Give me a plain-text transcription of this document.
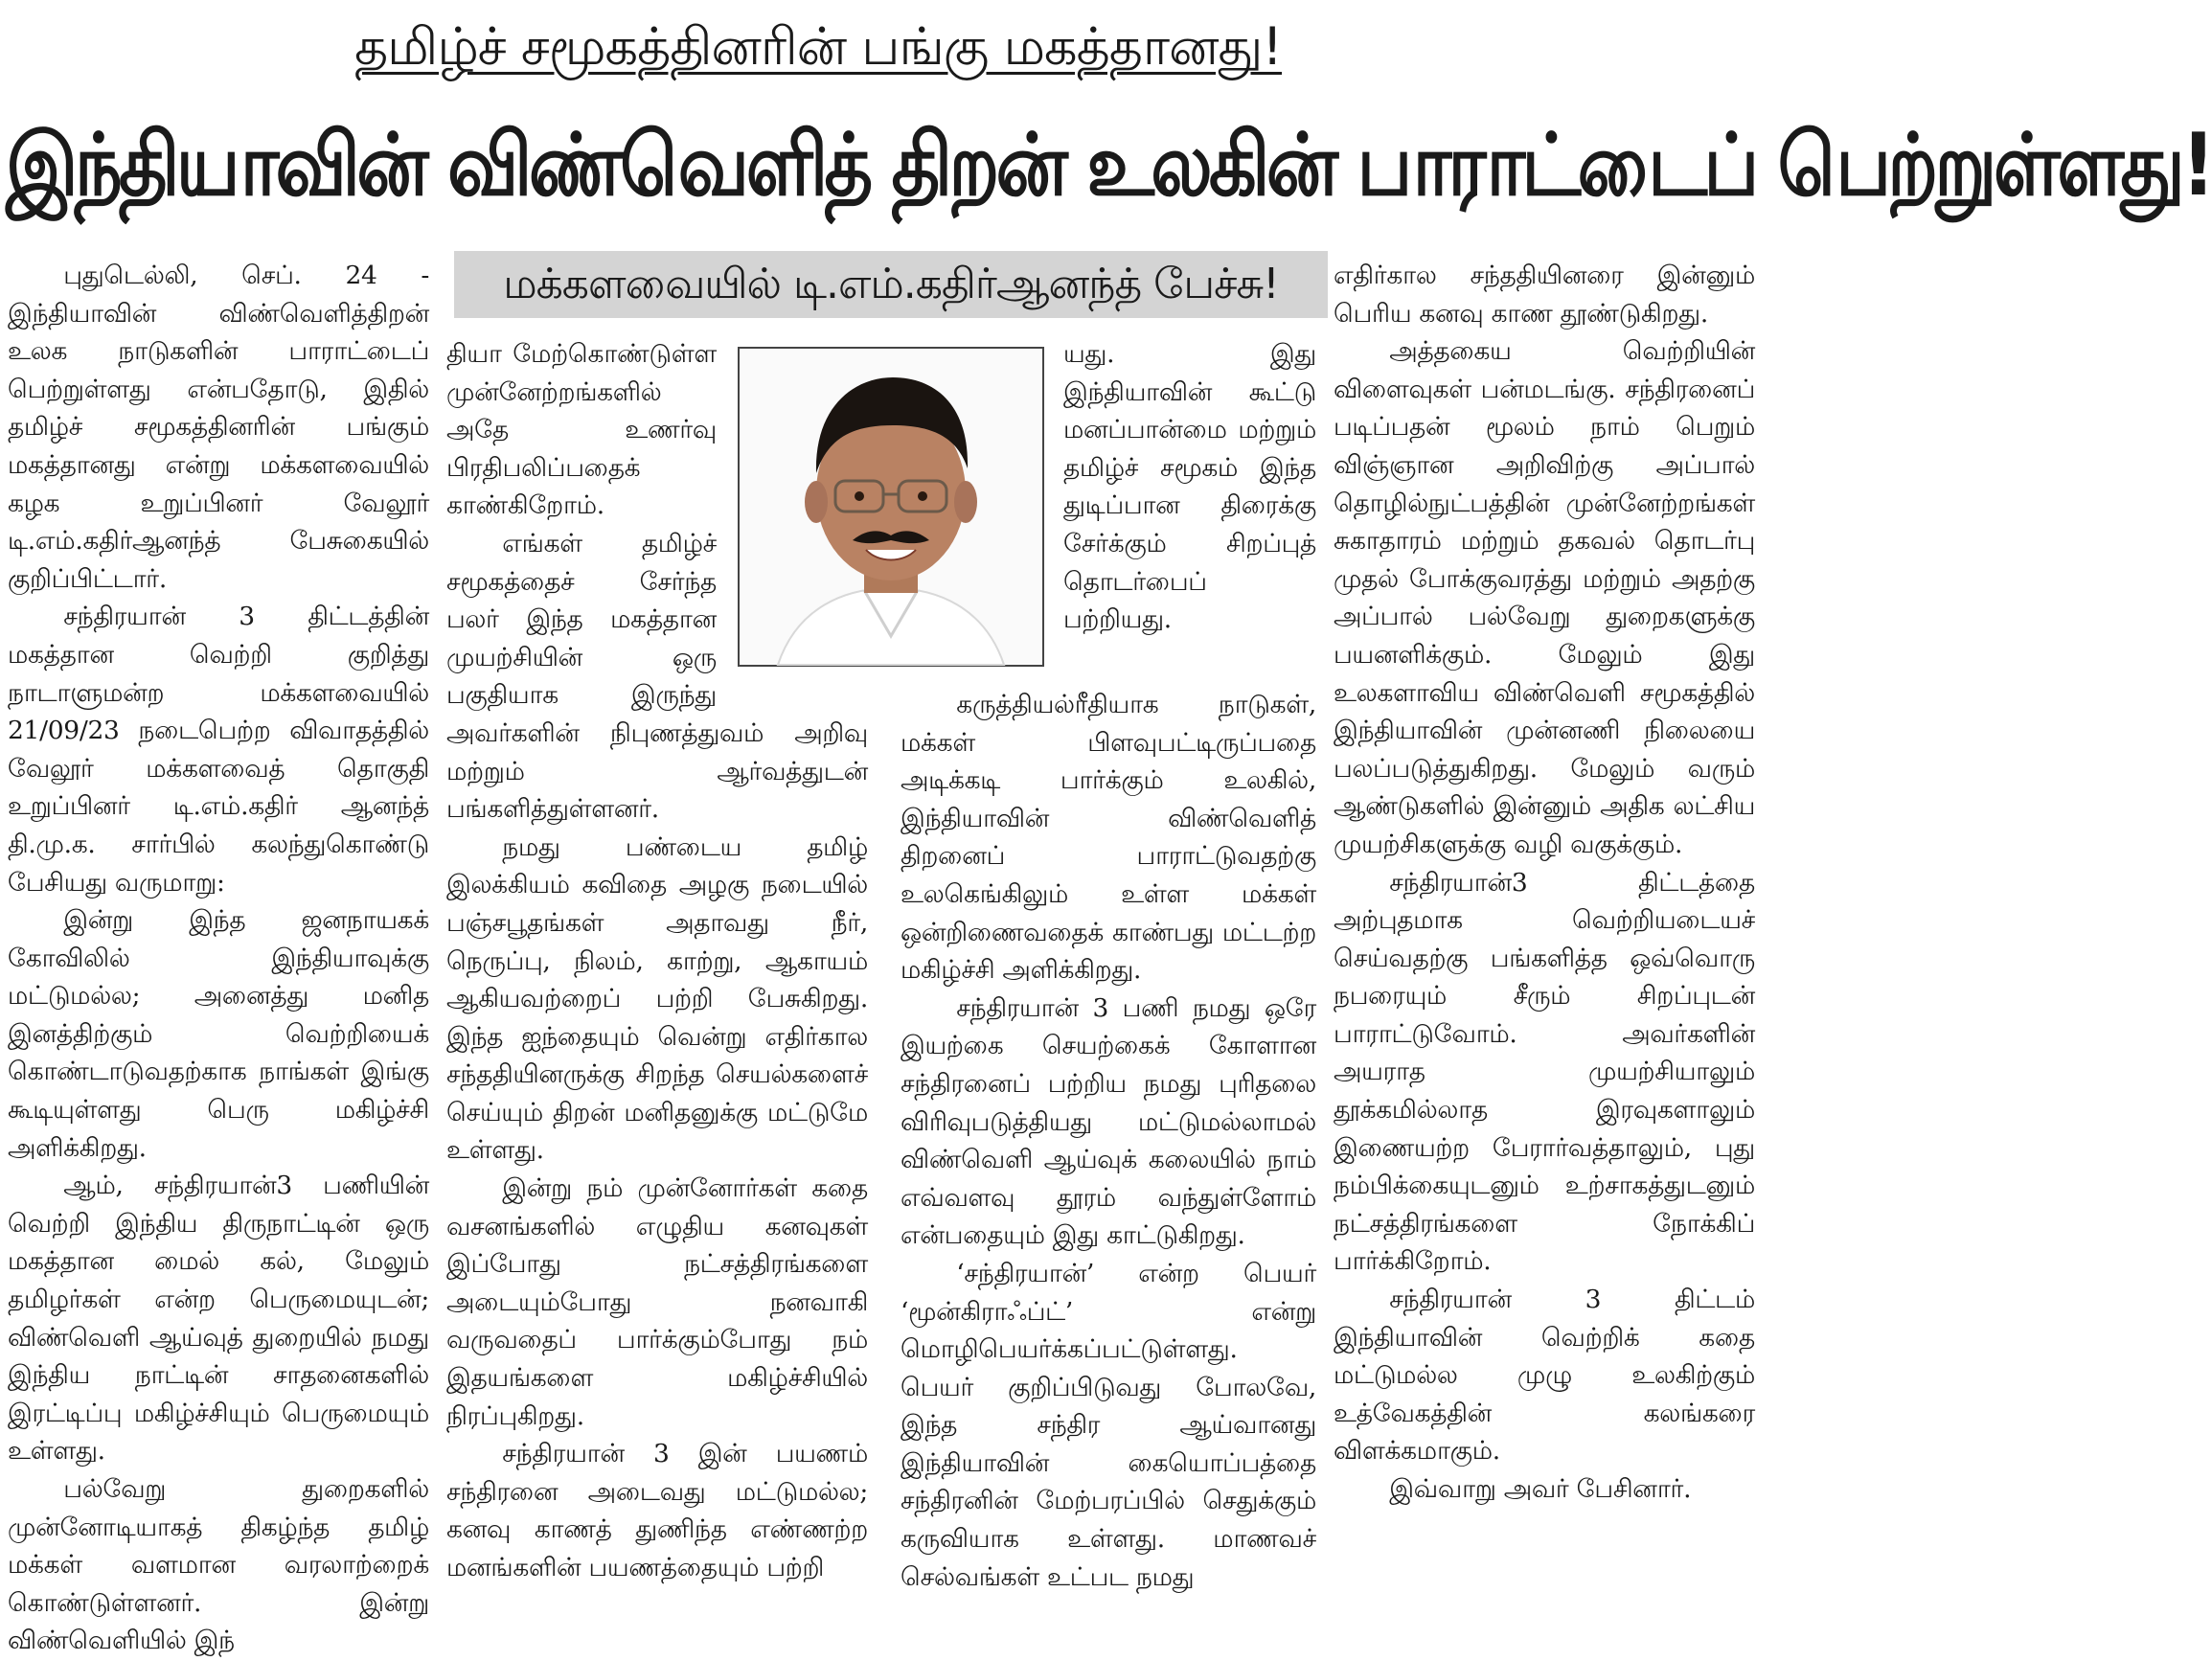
தமிழ்ச் சமூகத்தினரின் பங்கு மகத்தானது!
இந்தியாவின் விண்வெளித் திறன் உலகின் பாராட்டைப் பெற்றுள்ளது!
மக்களவையில் டி.எம்.கதிர்ஆனந்த் பேச்சு!

புதுடெல்லி, செப். 24 - இந்தியாவின் விண்வெளித்திறன் உலக நாடுகளின் பாராட்டைப் பெற்றுள்ளது என்பதோடு, இதில் தமிழ்ச் சமூகத்தினரின் பங்கும் மகத்தானது என்று மக்களவையில் கழக உறுப்பினர் வேலூர் டி.எம்.கதிர்ஆனந்த் பேசுகையில் குறிப்பிட்டார்.

சந்திரயான் 3 திட்டத்தின் மகத்தான வெற்றி குறித்து நாடாளுமன்ற மக்களவையில் 21/09/23 நடைபெற்ற விவாதத்தில் வேலூர் மக்களவைத் தொகுதி உறுப்பினர் டி.எம்.கதிர் ஆனந்த் தி.மு.க. சார்பில் கலந்துகொண்டு பேசியது வருமாறு:

இன்று இந்த ஜனநாயகக் கோவிலில் இந்தியாவுக்கு மட்டுமல்ல; அனைத்து மனித இனத்திற்கும் வெற்றியைக் கொண்டாடுவதற்காக நாங்கள் இங்கு கூடியுள்ளது பெரு மகிழ்ச்சி அளிக்கிறது.

ஆம், சந்திரயான்3 பணியின் வெற்றி இந்திய திருநாட்டின் ஒரு மகத்தான மைல் கல், மேலும் தமிழர்கள் என்ற பெருமையுடன்; விண்வெளி ஆய்வுத் துறையில் நமது இந்திய நாட்டின் சாதனைகளில் இரட்டிப்பு மகிழ்ச்சியும் பெருமையும் உள்ளது.

பல்வேறு துறைகளில் முன்னோடியாகத் திகழ்ந்த தமிழ் மக்கள் வளமான வரலாற்றைக் கொண்டுள்ளனர். இன்று விண்வெளியில் இந்

தியா மேற்கொண்டுள்ள முன்னேற்றங்களில் அதே உணர்வு பிரதிபலிப்பதைக் காண்கிறோம்.

எங்கள் தமிழ்ச் சமூகத்தைச் சேர்ந்த பலர் இந்த மகத்தான முயற்சியின் ஒரு பகுதியாக இருந்து அவர்களின் நிபுணத்துவம் அறிவு மற்றும் ஆர்வத்துடன் பங்களித்துள்ளனர்.

நமது பண்டைய தமிழ் இலக்கியம் கவிதை அழகு நடையில் பஞ்சபூதங்கள் அதாவது நீர், நெருப்பு, நிலம், காற்று, ஆகாயம் ஆகியவற்றைப் பற்றி பேசுகிறது. இந்த ஐந்தையும் வென்று எதிர்கால சந்ததியினருக்கு சிறந்த செயல்களைச் செய்யும் திறன் மனிதனுக்கு மட்டுமே உள்ளது.

இன்று நம் முன்னோர்கள் கதை வசனங்களில் எழுதிய கனவுகள் இப்போது நட்சத்திரங்களை அடையும்போது நனவாகி வருவதைப் பார்க்கும்போது நம் இதயங்களை மகிழ்ச்சியில் நிரப்புகிறது.

சந்திரயான் 3 இன் பயணம் சந்திரனை அடைவது மட்டுமல்ல; கனவு காணத் துணிந்த எண்ணற்ற மனங்களின் பயணத்தையும் பற்றி

யது. இது இந்தியாவின் கூட்டு மனப்பான்மை மற்றும் தமிழ்ச் சமூகம் இந்த துடிப்பான திரைக்கு சேர்க்கும் சிறப்புத் தொடர்பைப் பற்றியது.

கருத்தியல்ரீதியாக நாடுகள், மக்கள் பிளவுபட்டிருப்பதை அடிக்கடி பார்க்கும் உலகில், இந்தியாவின் விண்வெளித் திறனைப் பாராட்டுவதற்கு உலகெங்கிலும் உள்ள மக்கள் ஒன்றிணைவதைக் காண்பது மட்டற்ற மகிழ்ச்சி அளிக்கிறது.

சந்திரயான் 3 பணி நமது ஒரே இயற்கை செயற்கைக் கோளான சந்திரனைப் பற்றிய நமது புரிதலை விரிவுபடுத்தியது மட்டுமல்லாமல் விண்வெளி ஆய்வுக் கலையில் நாம் எவ்வளவு தூரம் வந்துள்ளோம் என்பதையும் இது காட்டுகிறது.

‘சந்திரயான்’ என்ற பெயர் ‘மூன்கிராஃப்ட்’ என்று மொழிபெயர்க்கப்பட்டுள்ளது. பெயர் குறிப்பிடுவது போலவே, இந்த சந்திர ஆய்வானது இந்தியாவின் கையொப்பத்தை சந்திரனின் மேற்பரப்பில் செதுக்கும் கருவியாக உள்ளது. மாணவச் செல்வங்கள் உட்பட நமது

எதிர்கால சந்ததியினரை இன்னும் பெரிய கனவு காண தூண்டுகிறது.

அத்தகைய வெற்றியின் விளைவுகள் பன்மடங்கு. சந்திரனைப் படிப்பதன் மூலம் நாம் பெறும் விஞ்ஞான அறிவிற்கு அப்பால் தொழில்நுட்பத்தின் முன்னேற்றங்கள் சுகாதாரம் மற்றும் தகவல் தொடர்பு முதல் போக்குவரத்து மற்றும் அதற்கு அப்பால் பல்வேறு துறைகளுக்கு பயனளிக்கும். மேலும் இது உலகளாவிய விண்வெளி சமூகத்தில் இந்தியாவின் முன்னணி நிலையை பலப்படுத்துகிறது. மேலும் வரும் ஆண்டுகளில் இன்னும் அதிக லட்சிய முயற்சிகளுக்கு வழி வகுக்கும்.

சந்திரயான்3 திட்டத்தை அற்புதமாக வெற்றியடையச் செய்வதற்கு பங்களித்த ஒவ்வொரு நபரையும் சீரும் சிறப்புடன் பாராட்டுவோம். அவர்களின் அயராத முயற்சியாலும் தூக்கமில்லாத இரவுகளாலும் இணையற்ற பேரார்வத்தாலும், புது நம்பிக்கையுடனும் உற்சாகத்துடனும் நட்சத்திரங்களை நோக்கிப் பார்க்கிறோம்.

சந்திரயான் 3 திட்டம் இந்தியாவின் வெற்றிக் கதை மட்டுமல்ல முழு உலகிற்கும் உத்வேகத்தின் கலங்கரை விளக்கமாகும்.

இவ்வாறு அவர் பேசினார்.
